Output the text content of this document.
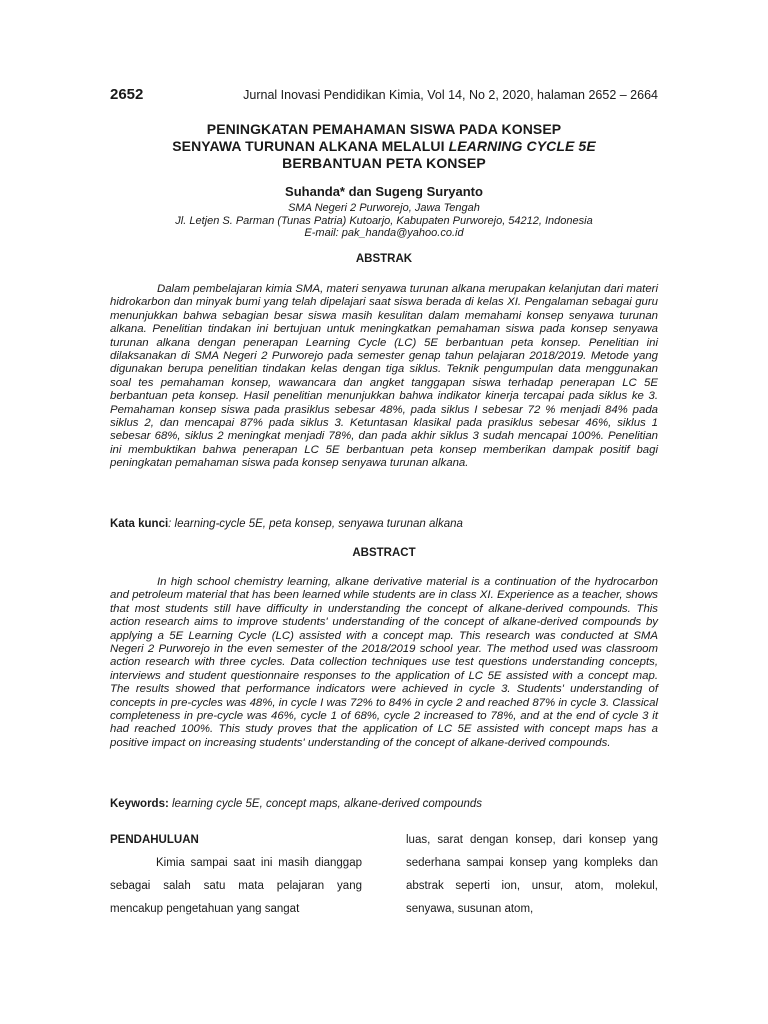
2652	Jurnal Inovasi Pendidikan Kimia, Vol 14, No 2, 2020, halaman 2652 – 2664
PENINGKATAN PEMAHAMAN SISWA PADA KONSEP
SENYAWA TURUNAN ALKANA MELALUI LEARNING CYCLE 5E
BERBANTUAN PETA KONSEP
Suhanda* dan Sugeng Suryanto
SMA Negeri 2 Purworejo, Jawa Tengah
Jl. Letjen S. Parman (Tunas Patria) Kutoarjo, Kabupaten Purworejo, 54212, Indonesia
E-mail: pak_handa@yahoo.co.id
ABSTRAK

Dalam pembelajaran kimia SMA, materi senyawa turunan alkana merupakan kelanjutan dari materi hidrokarbon dan minyak bumi yang telah dipelajari saat siswa berada di kelas XI. Pengalaman sebagai guru menunjukkan bahwa sebagian besar siswa masih kesulitan dalam memahami konsep senyawa turunan alkana. Penelitian tindakan ini bertujuan untuk meningkatkan pemahaman siswa pada konsep senyawa turunan alkana dengan penerapan Learning Cycle (LC) 5E berbantuan peta konsep. Penelitian ini dilaksanakan di SMA Negeri 2 Purworejo pada semester genap tahun pelajaran 2018/2019. Metode yang digunakan berupa penelitian tindakan kelas dengan tiga siklus. Teknik pengumpulan data menggunakan soal tes pemahaman konsep, wawancara dan angket tanggapan siswa terhadap penerapan LC 5E berbantuan peta konsep. Hasil penelitian menunjukkan bahwa indikator kinerja tercapai pada siklus ke 3. Pemahaman konsep siswa pada prasiklus sebesar 48%, pada siklus I sebesar 72 % menjadi 84% pada siklus 2, dan mencapai 87% pada siklus 3. Ketuntasan klasikal pada prasiklus sebesar 46%, siklus 1 sebesar 68%, siklus 2 meningkat menjadi 78%, dan pada akhir siklus 3 sudah mencapai 100%. Penelitian ini membuktikan bahwa penerapan LC 5E berbantuan peta konsep memberikan dampak positif bagi peningkatan pemahaman siswa pada konsep senyawa turunan alkana.

Kata kunci: learning-cycle 5E, peta konsep, senyawa turunan alkana
ABSTRACT

In high school chemistry learning, alkane derivative material is a continuation of the hydrocarbon and petroleum material that has been learned while students are in class XI. Experience as a teacher, shows that most students still have difficulty in understanding the concept of alkane-derived compounds. This action research aims to improve students' understanding of the concept of alkane-derived compounds by applying a 5E Learning Cycle (LC) assisted with a concept map. This research was conducted at SMA Negeri 2 Purworejo in the even semester of the 2018/2019 school year. The method used was classroom action research with three cycles. Data collection techniques use test questions understanding concepts, interviews and student questionnaire responses to the application of LC 5E assisted with a concept map. The results showed that performance indicators were achieved in cycle 3. Students' understanding of concepts in pre-cycles was 48%, in cycle I was 72% to 84% in cycle 2 and reached 87% in cycle 3. Classical completeness in pre-cycle was 46%, cycle 1 of 68%, cycle 2 increased to 78%, and at the end of cycle 3 it had reached 100%. This study proves that the application of LC 5E assisted with concept maps has a positive impact on increasing students' understanding of the concept of alkane-derived compounds.

Keywords: learning cycle 5E, concept maps, alkane-derived compounds
PENDAHULUAN

Kimia sampai saat ini masih dianggap sebagai salah satu mata pelajaran yang mencakup pengetahuan yang sangat

luas, sarat dengan konsep, dari konsep yang sederhana sampai konsep yang kompleks dan abstrak seperti ion, unsur, atom, molekul, senyawa, susunan atom,
